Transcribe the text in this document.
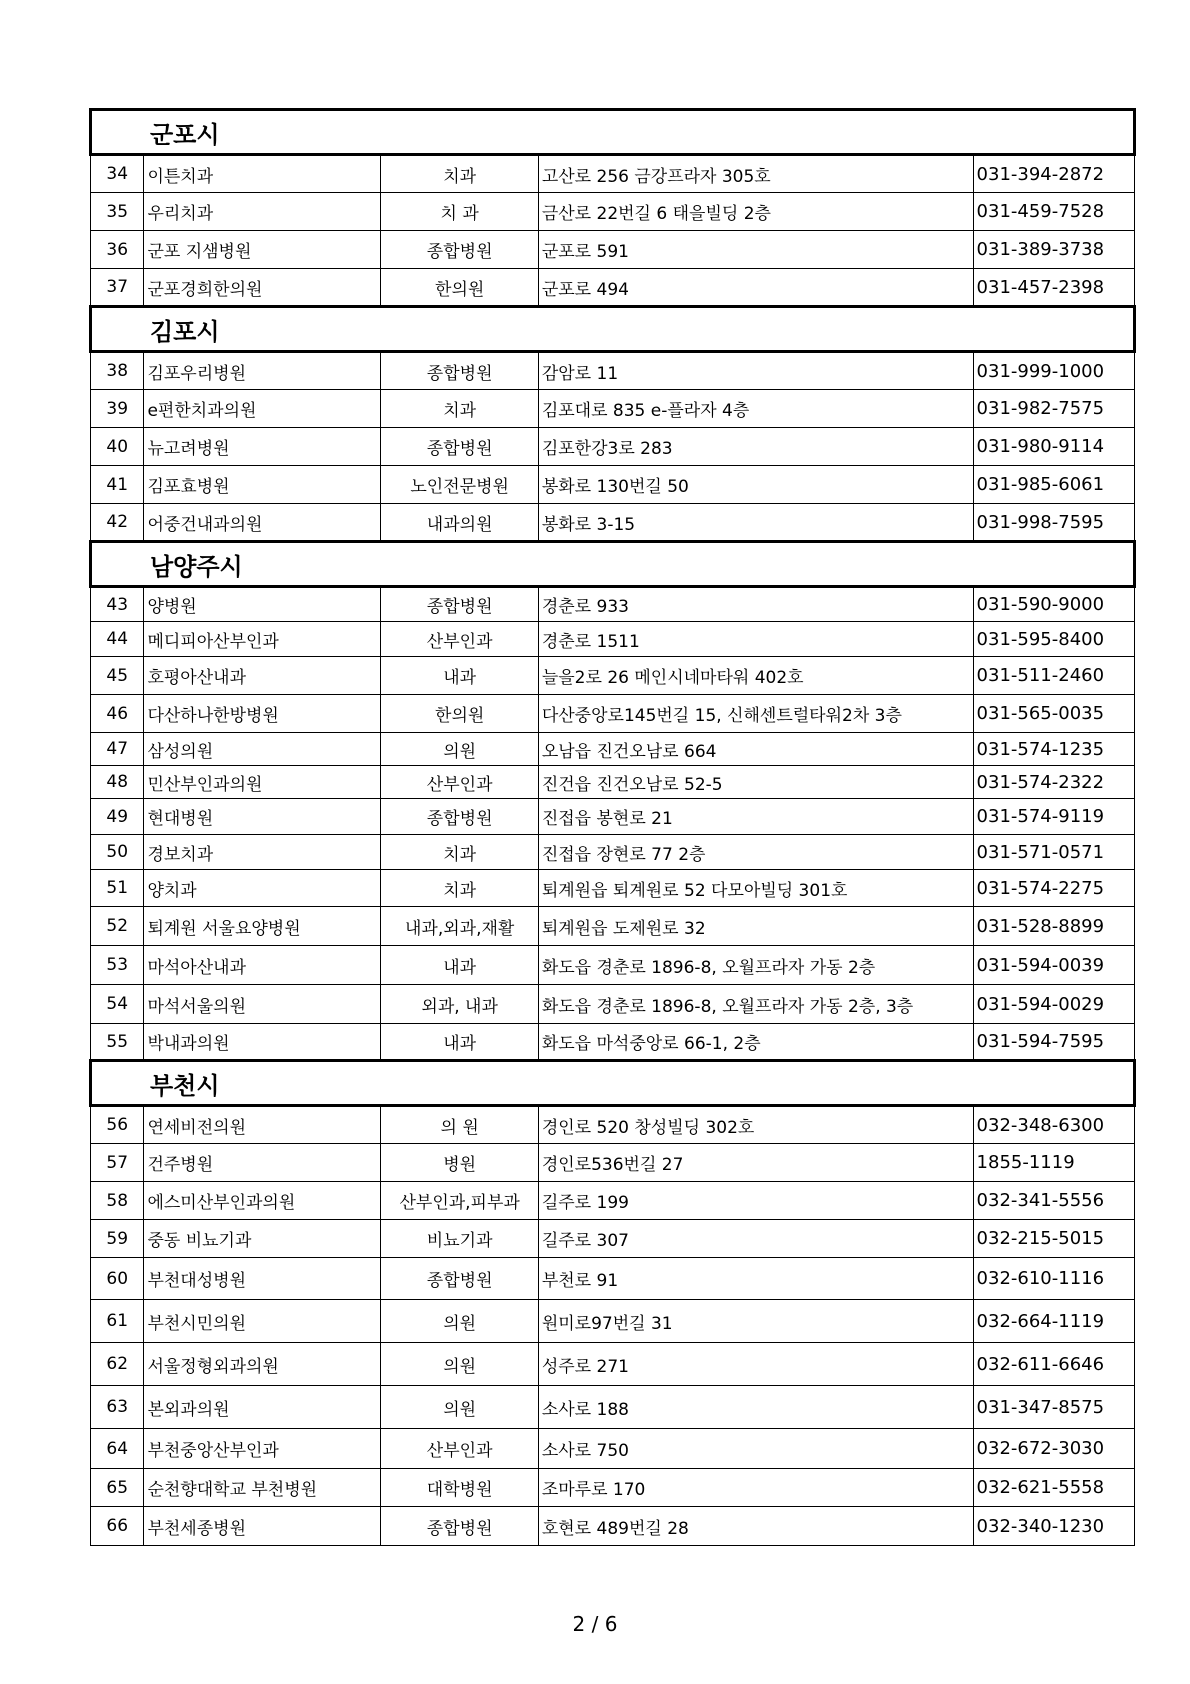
군포시				
34	이튼치과	치과	고산로 256 금강프라자 305호	031-394-2872
35	우리치과	치 과	금산로 22번길 6 태을빌딩 2층	031-459-7528
36	군포 지샘병원	종합병원	군포로 591	031-389-3738
37	군포경희한의원	한의원	군포로 494	031-457-2398
김포시				
38	김포우리병원	종합병원	감암로 11	031-999-1000
39	e편한치과의원	치과	김포대로 835 e-플라자 4층	031-982-7575
40	뉴고려병원	종합병원	김포한강3로 283	031-980-9114
41	김포효병원	노인전문병원	봉화로 130번길 50	031-985-6061
42	어중건내과의원	내과의원	봉화로 3-15	031-998-7595
남양주시				
43	양병원	종합병원	경춘로 933	031-590-9000
44	메디피아산부인과	산부인과	경춘로 1511	031-595-8400
45	호평아산내과	내과	늘을2로 26 메인시네마타워 402호	031-511-2460
46	다산하나한방병원	한의원	다산중앙로145번길 15, 신해센트럴타워2차 3층	031-565-0035
47	삼성의원	의원	오남읍 진건오남로 664	031-574-1235
48	민산부인과의원	산부인과	진건읍 진건오남로 52-5	031-574-2322
49	현대병원	종합병원	진접읍 봉현로 21	031-574-9119
50	경보치과	치과	진접읍 장현로 77 2층	031-571-0571
51	양치과	치과	퇴계원읍 퇴계원로 52 다모아빌딩 301호	031-574-2275
52	퇴계원 서울요양병원	내과,외과,재활	퇴계원읍 도제원로 32	031-528-8899
53	마석아산내과	내과	화도읍 경춘로 1896-8, 오월프라자 가동 2층	031-594-0039
54	마석서울의원	외과, 내과	화도읍 경춘로 1896-8, 오월프라자 가동 2층, 3층	031-594-0029
55	박내과의원	내과	화도읍 마석중앙로 66-1, 2층	031-594-7595
부천시				
56	연세비전의원	의 원	경인로 520 창성빌딩 302호	032-348-6300
57	건주병원	병원	경인로536번길 27	1855-1119
58	에스미산부인과의원	산부인과,피부과	길주로 199	032-341-5556
59	중동 비뇨기과	비뇨기과	길주로 307	032-215-5015
60	부천대성병원	종합병원	부천로 91	032-610-1116
61	부천시민의원	의원	원미로97번길 31	032-664-1119
62	서울정형외과의원	의원	성주로 271	032-611-6646
63	본외과의원	의원	소사로 188	031-347-8575
64	부천중앙산부인과	산부인과	소사로 750	032-672-3030
65	순천향대학교 부천병원	대학병원	조마루로 170	032-621-5558
66	부천세종병원	종합병원	호현로 489번길 28	032-340-1230
2 / 6
